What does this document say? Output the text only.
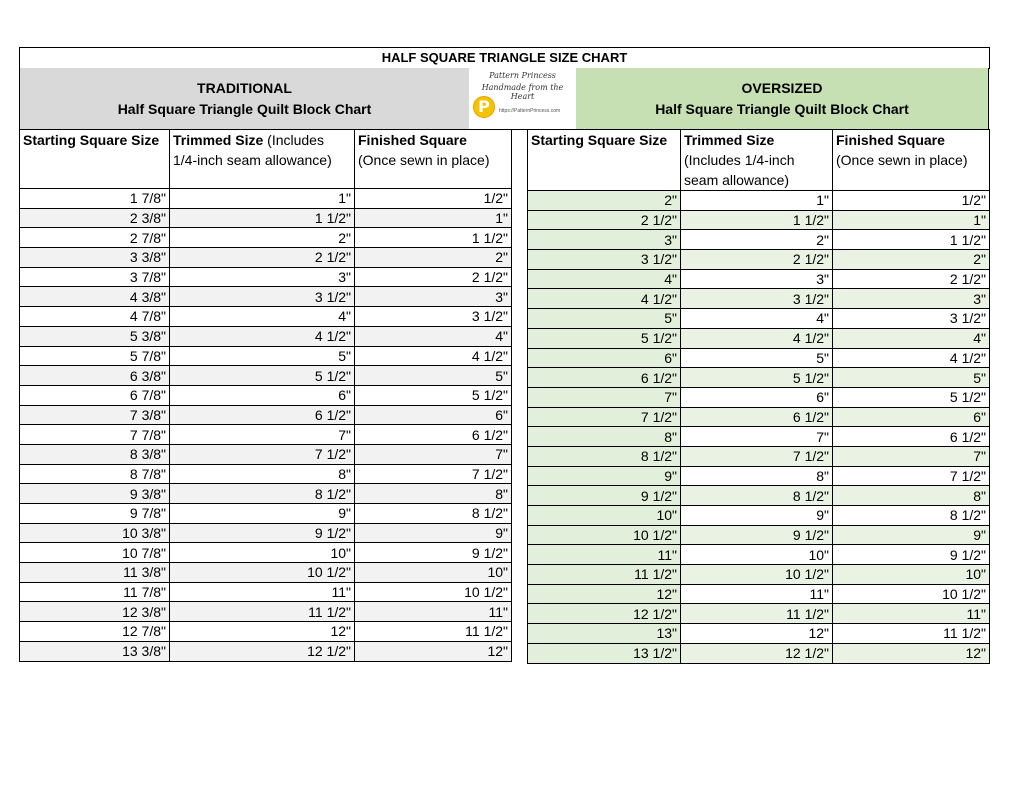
HALF SQUARE TRIANGLE SIZE CHART
TRADITIONAL
Half Square Triangle Quilt Block Chart
Pattern Princess
Handmade from the Heart
P	https://PatternPrincess.com
OVERSIZED
Half Square Triangle Quilt Block Chart
Starting Square Size	Trimmed Size (Includes 1/4-inch seam allowance)	Finished Square
(Once sewn in place)
1 7/8"	1"	1/2"
2 3/8"	1 1/2"	1"
2 7/8"	2"	1 1/2"
3 3/8"	2 1/2"	2"
3 7/8"	3"	2 1/2"
4 3/8"	3 1/2"	3"
4 7/8"	4"	3 1/2"
5 3/8"	4 1/2"	4"
5 7/8"	5"	4 1/2"
6 3/8"	5 1/2"	5"
6 7/8"	6"	5 1/2"
7 3/8"	6 1/2"	6"
7 7/8"	7"	6 1/2"
8 3/8"	7 1/2"	7"
8 7/8"	8"	7 1/2"
9 3/8"	8 1/2"	8"
9 7/8"	9"	8 1/2"
10 3/8"	9 1/2"	9"
10 7/8"	10"	9 1/2"
11 3/8"	10 1/2"	10"
11 7/8"	11"	10 1/2"
12 3/8"	11 1/2"	11"
12 7/8"	12"	11 1/2"
13 3/8"	12 1/2"	12"
Starting Square Size	Trimmed Size
(Includes 1/4-inch seam allowance)	Finished Square
(Once sewn in place)
2"	1"	1/2"
2 1/2"	1 1/2"	1"
3"	2"	1 1/2"
3 1/2"	2 1/2"	2"
4"	3"	2 1/2"
4 1/2"	3 1/2"	3"
5"	4"	3 1/2"
5 1/2"	4 1/2"	4"
6"	5"	4 1/2"
6 1/2"	5 1/2"	5"
7"	6"	5 1/2"
7 1/2"	6 1/2"	6"
8"	7"	6 1/2"
8 1/2"	7 1/2"	7"
9"	8"	7 1/2"
9 1/2"	8 1/2"	8"
10"	9"	8 1/2"
10 1/2"	9 1/2"	9"
11"	10"	9 1/2"
11 1/2"	10 1/2"	10"
12"	11"	10 1/2"
12 1/2"	11 1/2"	11"
13"	12"	11 1/2"
13 1/2"	12 1/2"	12"
